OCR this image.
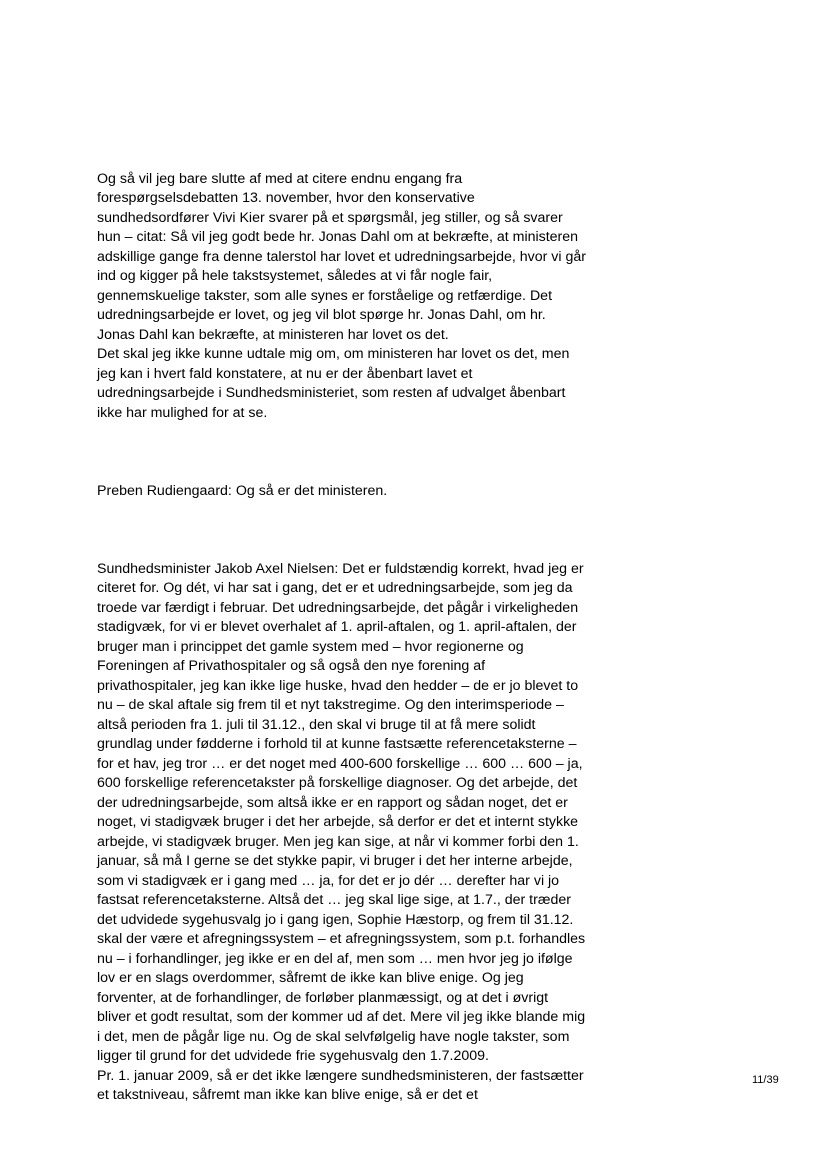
Og så vil jeg bare slutte af med at citere endnu engang fra
forespørgselsdebatten 13. november, hvor den konservative
sundhedsordfører Vivi Kier svarer på et spørgsmål, jeg stiller, og så svarer
hun – citat: Så vil jeg godt bede hr. Jonas Dahl om at bekræfte, at ministeren
adskillige gange fra denne talerstol har lovet et udredningsarbejde, hvor vi går
ind og kigger på hele takstsystemet, således at vi får nogle fair,
gennemskuelige takster, som alle synes er forståelige og retfærdige. Det
udredningsarbejde er lovet, og jeg vil blot spørge hr. Jonas Dahl, om hr.
Jonas Dahl kan bekræfte, at ministeren har lovet os det.
Det skal jeg ikke kunne udtale mig om, om ministeren har lovet os det, men
jeg kan i hvert fald konstatere, at nu er der åbenbart lavet et
udredningsarbejde i Sundhedsministeriet, som resten af udvalget åbenbart
ikke har mulighed for at se.

Preben Rudiengaard: Og så er det ministeren.

Sundhedsminister Jakob Axel Nielsen: Det er fuldstændig korrekt, hvad jeg er
citeret for. Og dét, vi har sat i gang, det er et udredningsarbejde, som jeg da
troede var færdigt i februar. Det udredningsarbejde, det pågår i virkeligheden
stadigvæk, for vi er blevet overhalet af 1. april-aftalen, og 1. april-aftalen, der
bruger man i princippet det gamle system med – hvor regionerne og
Foreningen af Privathospitaler og så også den nye forening af
privathospitaler, jeg kan ikke lige huske, hvad den hedder – de er jo blevet to
nu – de skal aftale sig frem til et nyt takstregime. Og den interimsperiode –
altså perioden fra 1. juli til 31.12., den skal vi bruge til at få mere solidt
grundlag under fødderne i forhold til at kunne fastsætte referencetaksterne –
for et hav, jeg tror … er det noget med 400-600 forskellige … 600 … 600 – ja,
600 forskellige referencetakster på forskellige diagnoser. Og det arbejde, det
der udredningsarbejde, som altså ikke er en rapport og sådan noget, det er
noget, vi stadigvæk bruger i det her arbejde, så derfor er det et internt stykke
arbejde, vi stadigvæk bruger. Men jeg kan sige, at når vi kommer forbi den 1.
januar, så må I gerne se det stykke papir, vi bruger i det her interne arbejde,
som vi stadigvæk er i gang med … ja, for det er jo dér … derefter har vi jo
fastsat referencetaksterne. Altså det … jeg skal lige sige, at 1.7., der træder
det udvidede sygehusvalg jo i gang igen, Sophie Hæstorp, og frem til 31.12.
skal der være et afregningssystem – et afregningssystem, som p.t. forhandles
nu – i forhandlinger, jeg ikke er en del af, men som … men hvor jeg jo ifølge
lov er en slags overdommer, såfremt de ikke kan blive enige. Og jeg
forventer, at de forhandlinger, de forløber planmæssigt, og at det i øvrigt
bliver et godt resultat, som der kommer ud af det. Mere vil jeg ikke blande mig
i det, men de pågår lige nu. Og de skal selvfølgelig have nogle takster, som
ligger til grund for det udvidede frie sygehusvalg den 1.7.2009.
Pr. 1. januar 2009, så er det ikke længere sundhedsministeren, der fastsætter
et takstniveau, såfremt man ikke kan blive enige, så er det et

11/39
